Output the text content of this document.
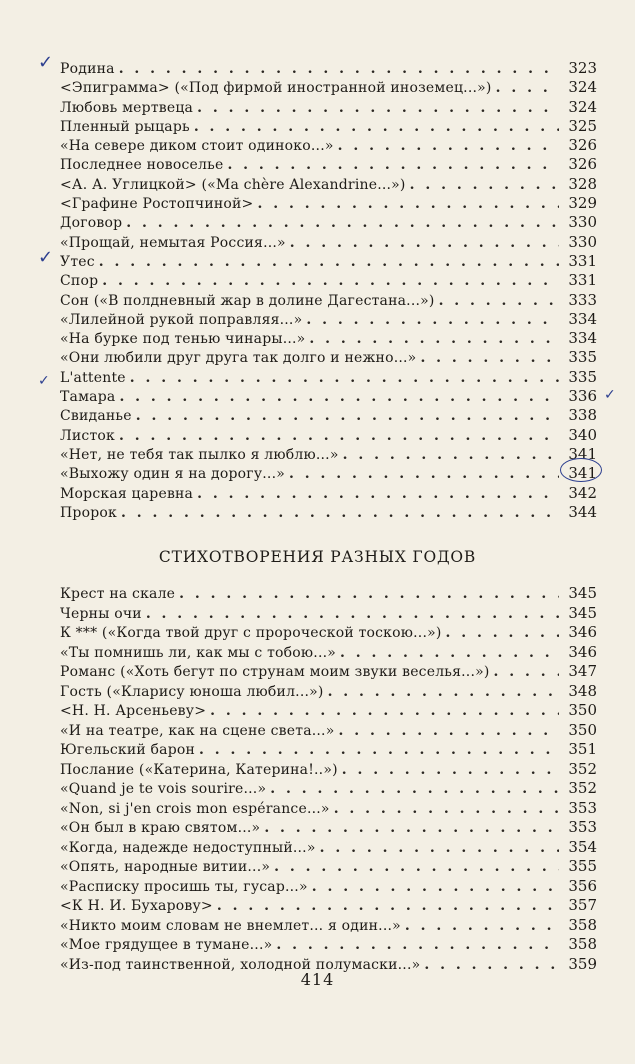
Родина . . .	323
<Эпиграмма> («Под фирмой иностранной иноземец...») . . .	324
Любовь мертвеца . . .	324
Пленный рыцарь . . .	325
«На севере диком стоит одиноко...» . . .	326
Последнее новоселье . . .	326
<А. А. Углицкой> («Ma chère Alexandrine...») . . .	328
<Графине Ростопчиной> . . .	329
Договор . . .	330
«Прощай, немытая Россия...» . . .	330
Утес . . .	331
Спор . . .	331
Сон («В полдневный жар в долине Дагестана...») . . .	333
«Лилейной рукой поправляя...» . . .	334
«На бурке под тенью чинары...» . . .	334
«Они любили друг друга так долго и нежно...» . . .	335
L'attente . . .	335
Тамара . . .	336
Свиданье . . .	338
Листок . . .	340
«Нет, не тебя так пылко я люблю...» . . .	341
«Выхожу один я на дорогу...» . . .	341
Морская царевна . . .	342
Пророк . . .	344
СТИХОТВОРЕНИЯ РАЗНЫХ ГОДОВ
Крест на скале . . .	345
Черны очи . . .	345
К *** («Когда твой друг с пророческой тоскою...») . . .	346
«Ты помнишь ли, как мы с тобою...» . . .	346
Романс («Хоть бегут по струнам моим звуки веселья...») . . .	347
Гость («Кларису юноша любил...») . . .	348
<Н. Н. Арсеньеву> . . .	350
«И на театре, как на сцене света...» . . .	350
Югельский барон . . .	351
Послание («Катерина, Катерина!..») . . .	352
«Quand je te vois sourire...» . . .	352
«Non, si j'en crois mon espérance...» . . .	353
«Он был в краю святом...» . . .	353
«Когда, надежде недоступный...» . . .	354
«Опять, народные витии...» . . .	355
«Расписку просишь ты, гусар...» . . .	356
<К Н. И. Бухарову> . . .	357
«Никто моим словам не внемлет... я один...» . . .	358
«Мое грядущее в тумане...» . . .	358
«Из-под таинственной, холодной полумаски...» . . .	359
414
✓
✓
✓
✓
